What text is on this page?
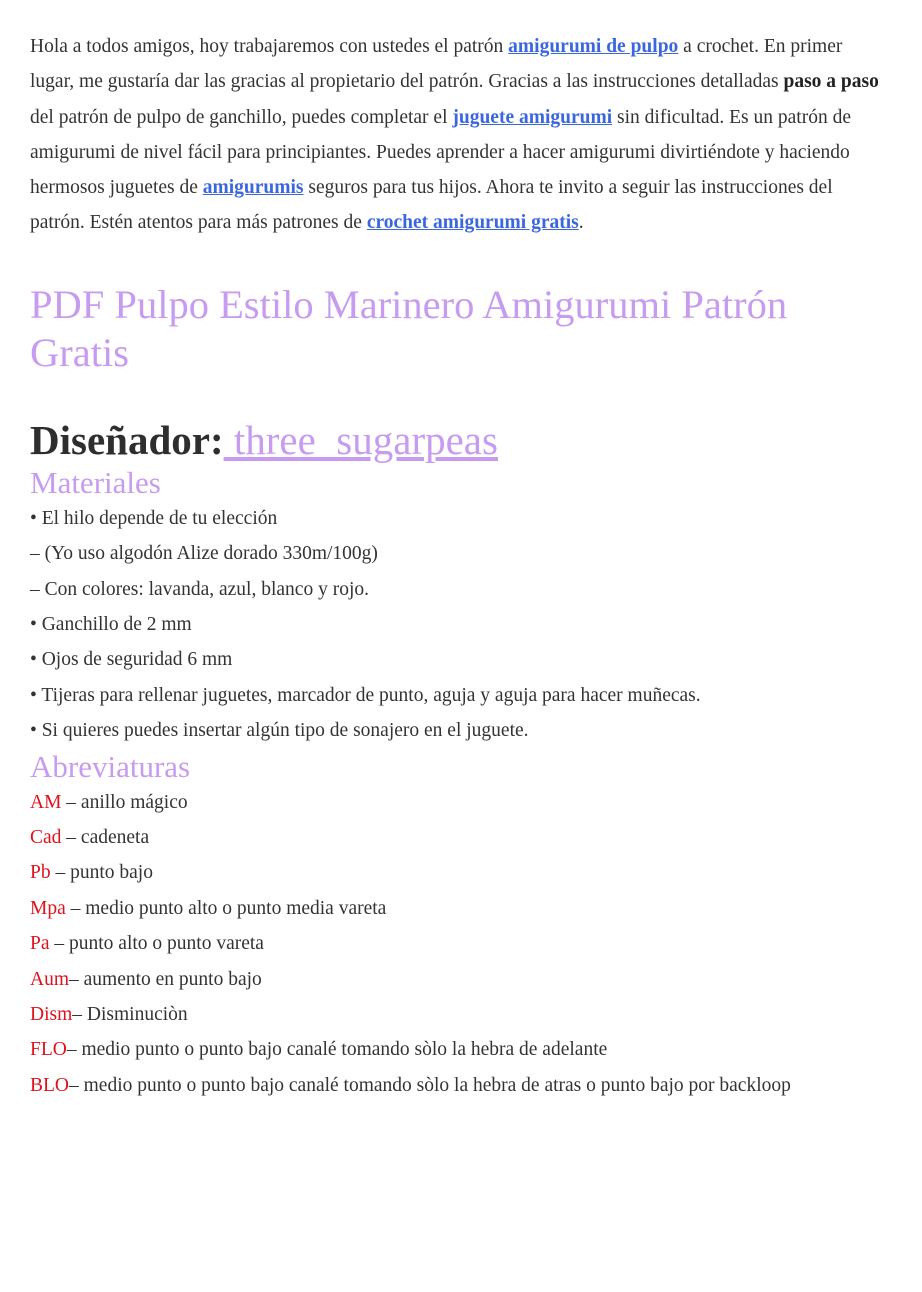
Hola a todos amigos, hoy trabajaremos con ustedes el patrón amigurumi de pulpo a crochet. En primer lugar, me gustaría dar las gracias al propietario del patrón. Gracias a las instrucciones detalladas paso a paso del patrón de pulpo de ganchillo, puedes completar el juguete amigurumi sin dificultad. Es un patrón de amigurumi de nivel fácil para principiantes. Puedes aprender a hacer amigurumi divirtiéndote y haciendo hermosos juguetes de amigurumis seguros para tus hijos. Ahora te invito a seguir las instrucciones del patrón. Estén atentos para más patrones de crochet amigurumi gratis.

PDF Pulpo Estilo Marinero Amigurumi Patrón Gratis
Diseñador: three_sugarpeas
Materiales
• El hilo depende de tu elección
– (Yo uso algodón Alize dorado 330m/100g)
– Con colores: lavanda, azul, blanco y rojo.
• Ganchillo de 2 mm
• Ojos de seguridad 6 mm
• Tijeras para rellenar juguetes, marcador de punto, aguja y aguja para hacer muñecas.
• Si quieres puedes insertar algún tipo de sonajero en el juguete.
Abreviaturas
AM – anillo mágico
Cad – cadeneta
Pb – punto bajo
Mpa – medio punto alto o punto media vareta
Pa – punto alto o punto vareta
Aum– aumento en punto bajo
Dism– Disminuciòn
FLO– medio punto o punto bajo canalé tomando sòlo la hebra de adelante
BLO– medio punto o punto bajo canalé tomando sòlo la hebra de atras o punto bajo por backloop
